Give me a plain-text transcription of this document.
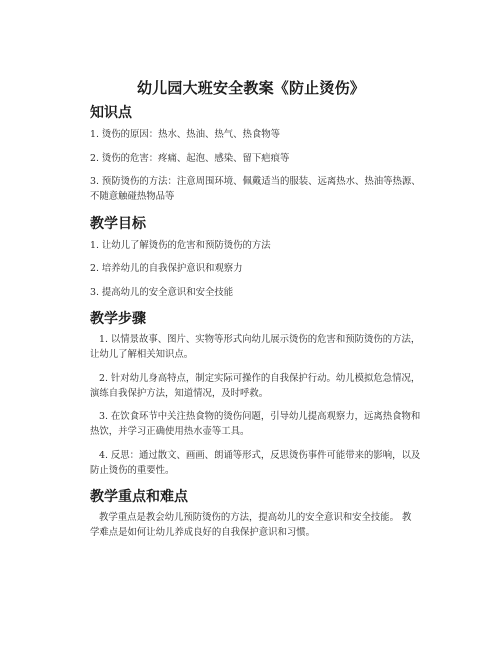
幼儿园大班安全教案《防止烫伤》
知识点
1. 烫伤的原因：热水、热油、热气、热食物等
2. 烫伤的危害：疼痛、起泡、感染、留下疤痕等
3. 预防烫伤的方法：注意周围环境、佩戴适当的服装、远离热水、热油等热源、
不随意触碰热物品等
教学目标
1. 让幼儿了解烫伤的危害和预防烫伤的方法
2. 培养幼儿的自我保护意识和观察力
3. 提高幼儿的安全意识和安全技能
教学步骤
1. 以情景故事、图片、实物等形式向幼儿展示烫伤的危害和预防烫伤的方法，
让幼儿了解相关知识点。
2. 针对幼儿身高特点，制定实际可操作的自我保护行动。幼儿模拟危急情况，
演练自我保护方法，知道情况，及时呼救。
3. 在饮食环节中关注热食物的烫伤问题，引导幼儿提高观察力，远离热食物和
热饮，并学习正确使用热水壶等工具。
4. 反思：通过散文、画画、朗诵等形式，反思烫伤事件可能带来的影响，以及
防止烫伤的重要性。
教学重点和难点
教学重点是教会幼儿预防烫伤的方法，提高幼儿的安全意识和安全技能。 教
学难点是如何让幼儿养成良好的自我保护意识和习惯。
